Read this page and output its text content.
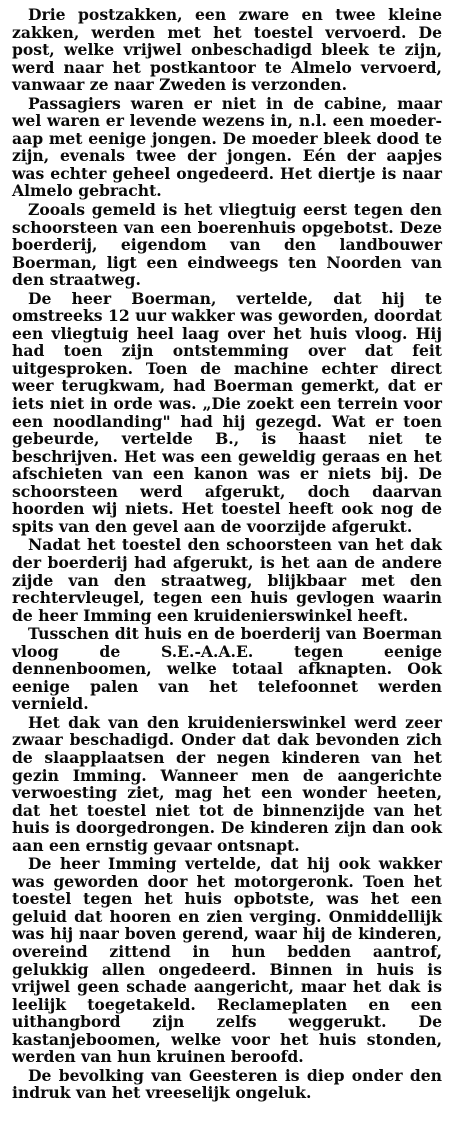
Drie postzakken, een zware en twee kleine zakken, werden met het toestel vervoerd. De post, welke vrijwel onbeschadigd bleek te zijn, werd naar het postkantoor te Almelo vervoerd, vanwaar ze naar Zweden is verzonden.

Passagiers waren er niet in de cabine, maar wel waren er levende wezens in, n.l. een moeder-aap met eenige jongen. De moeder bleek dood te zijn, evenals twee der jongen. Eén der aapjes was echter geheel ongedeerd. Het diertje is naar Almelo gebracht.

Zooals gemeld is het vliegtuig eerst tegen den schoorsteen van een boerenhuis opgebotst. Deze boerderij, eigendom van den landbouwer Boerman, ligt een eindweegs ten Noorden van den straatweg.

De heer Boerman, vertelde, dat hij te omstreeks 12 uur wakker was geworden, doordat een vliegtuig heel laag over het huis vloog. Hij had toen zijn ontstemming over dat feit uitgesproken. Toen de machine echter direct weer terugkwam, had Boerman gemerkt, dat er iets niet in orde was. „Die zoekt een terrein voor een noodlanding" had hij gezegd. Wat er toen gebeurde, vertelde B., is haast niet te beschrijven. Het was een geweldig geraas en het afschieten van een kanon was er niets bij. De schoorsteen werd afgerukt, doch daarvan hoorden wij niets. Het toestel heeft ook nog de spits van den gevel aan de voorzijde afgerukt.

Nadat het toestel den schoorsteen van het dak der boerderij had afgerukt, is het aan de andere zijde van den straatweg, blijkbaar met den rechtervleugel, tegen een huis gevlogen waarin de heer Imming een kruidenierswinkel heeft.

Tusschen dit huis en de boerderij van Boerman vloog de S.E.-A.A.E. tegen eenige dennenboomen, welke totaal afknapten. Ook eenige palen van het telefoonnet werden vernield.

Het dak van den kruidenierswinkel werd zeer zwaar beschadigd. Onder dat dak bevonden zich de slaapplaatsen der negen kinderen van het gezin Imming. Wanneer men de aangerichte verwoesting ziet, mag het een wonder heeten, dat het toestel niet tot de binnenzijde van het huis is doorgedrongen. De kinderen zijn dan ook aan een ernstig gevaar ontsnapt.

De heer Imming vertelde, dat hij ook wakker was geworden door het motorgeronk. Toen het toestel tegen het huis opbotste, was het een geluid dat hooren en zien verging. Onmiddellijk was hij naar boven gerend, waar hij de kinderen, overeind zittend in hun bedden aantrof, gelukkig allen ongedeerd. Binnen in huis is vrijwel geen schade aangericht, maar het dak is leelijk toegetakeld. Reclameplaten en een uithangbord zijn zelfs weggerukt. De kastanjeboomen, welke voor het huis stonden, werden van hun kruinen beroofd.

De bevolking van Geesteren is diep onder den indruk van het vreeselijk ongeluk.
